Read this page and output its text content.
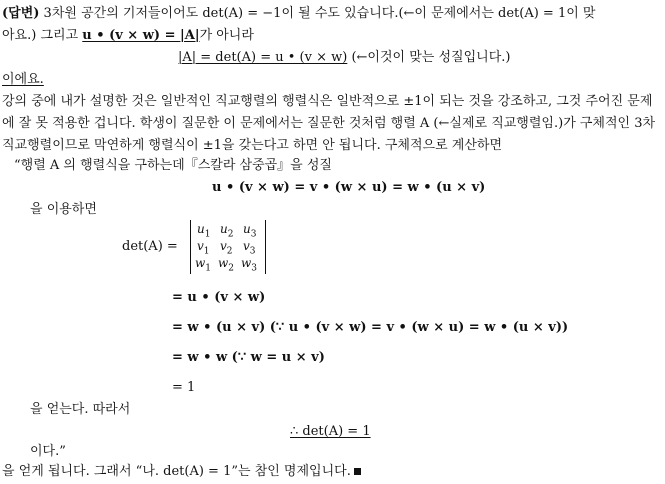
(답변) 3차원 공간의 기저들이어도 det(A) = −1이 될 수도 있습니다.(←이 문제에서는 det(A) = 1이 맞
아요.) 그리고 u • (v × w) = |A|가 아니라
|A| = det(A) = u • (v × w) (←이것이 맞는 성질입니다.)
이에요.
강의 중에 내가 설명한 것은 일반적인 직교행렬의 행렬식은 일반적으로 ±1이 되는 것을 강조하고, 그것 주어진 문제
에 잘 못 적용한 겁니다. 학생이 질문한 이 문제에서는 질문한 것처럼 행렬 A (←실제로 직교행렬임.)가 구체적인 3차
직교행렬이므로 막연하게 행렬식이 ±1을 갖는다고 하면 안 됩니다. 구체적으로 계산하면
“행렬 A 의 행렬식을 구하는데『스칼라 삼중곱』을 성질
u • (v × w) = v • (w × u) = w • (u × v)
을 이용하면
det(A) =
$u_1$ $u_2$ $u_3$
$v_1$ $v_2$ $v_3$
$w_1$ $w_2$ $w_3$
= u • (v × w)
= w • (u × v) (∵ u • (v × w) = v • (w × u) = w • (u × v))
= w • w (∵ w = u × v)
= 1
을 얻는다. 따라서
∴ det(A) = 1
이다.”
을 얻게 됩니다. 그래서 “나. det(A) = 1”는 참인 명제입니다.
